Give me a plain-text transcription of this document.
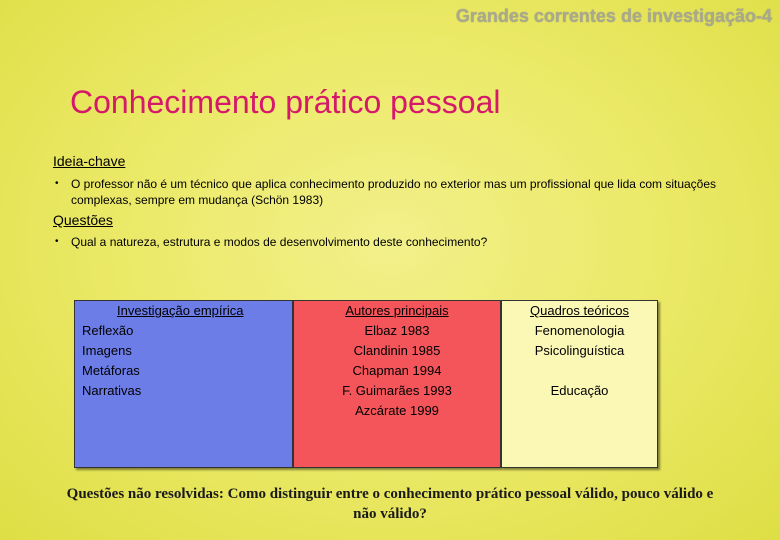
Grandes correntes de investigação-4
Conhecimento prático pessoal
Ideia-chave
• O professor não é um técnico que aplica conhecimento produzido no exterior mas um profissional que lida com situações complexas, sempre em mudança (Schön 1983)
Questões
• Qual a natureza, estrutura e modos de desenvolvimento deste conhecimento?
Investigação empírica
Reflexão
Imagens
Metáforas
Narrativas
Autores principais
Elbaz 1983
Clandinin 1985
Chapman 1994
F. Guimarães 1993
Azcárate 1999
Quadros teóricos
Fenomenologia
Psicolinguística

Educação
Questões não resolvidas: Como distinguir entre o conhecimento prático pessoal válido, pouco válido e não válido?
